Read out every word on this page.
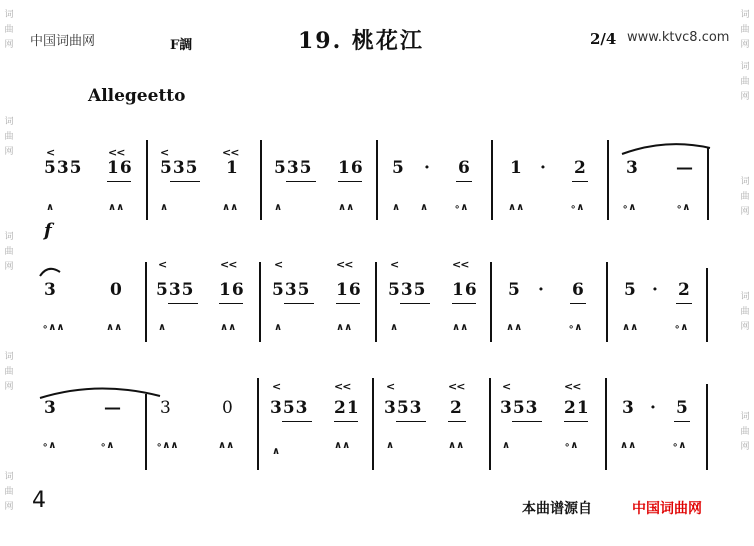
中国词曲网	www.ktvc8.com
词曲网
词曲网
词曲网
词曲网
词曲网
词曲网
词曲网
词曲网
词曲网
词曲网
F調	19. 桃花江	2/4
Allegeetto
f
<	<<
535 16
∧	∧∧
<	<<
535 1
∧	∧∧
535 16
∧	∧∧
5 · 6
∧ ∧	∘∧
1 · 2
∧∧	∘∧
3 —
∘∧	∘∧
3	0
∘∧∧	∧∧
<	<<
535 16
∧	∧∧
<	<<
535 16
∧	∧∧
<	<<
535 16
∧	∧∧
5 · 6
∧∧	∘∧
5 · 2
∧∧	∘∧
3	—
∘∧	∘∧
3	0
∘∧∧	∧∧
<	<<
353 21
∧
∧∧
<	<<
353 2
∧	∧∧
<	<<
353 21
∧	∘∧
3 · 5
∧∧	∘∧
4	本曲谱源自	中国词曲网
